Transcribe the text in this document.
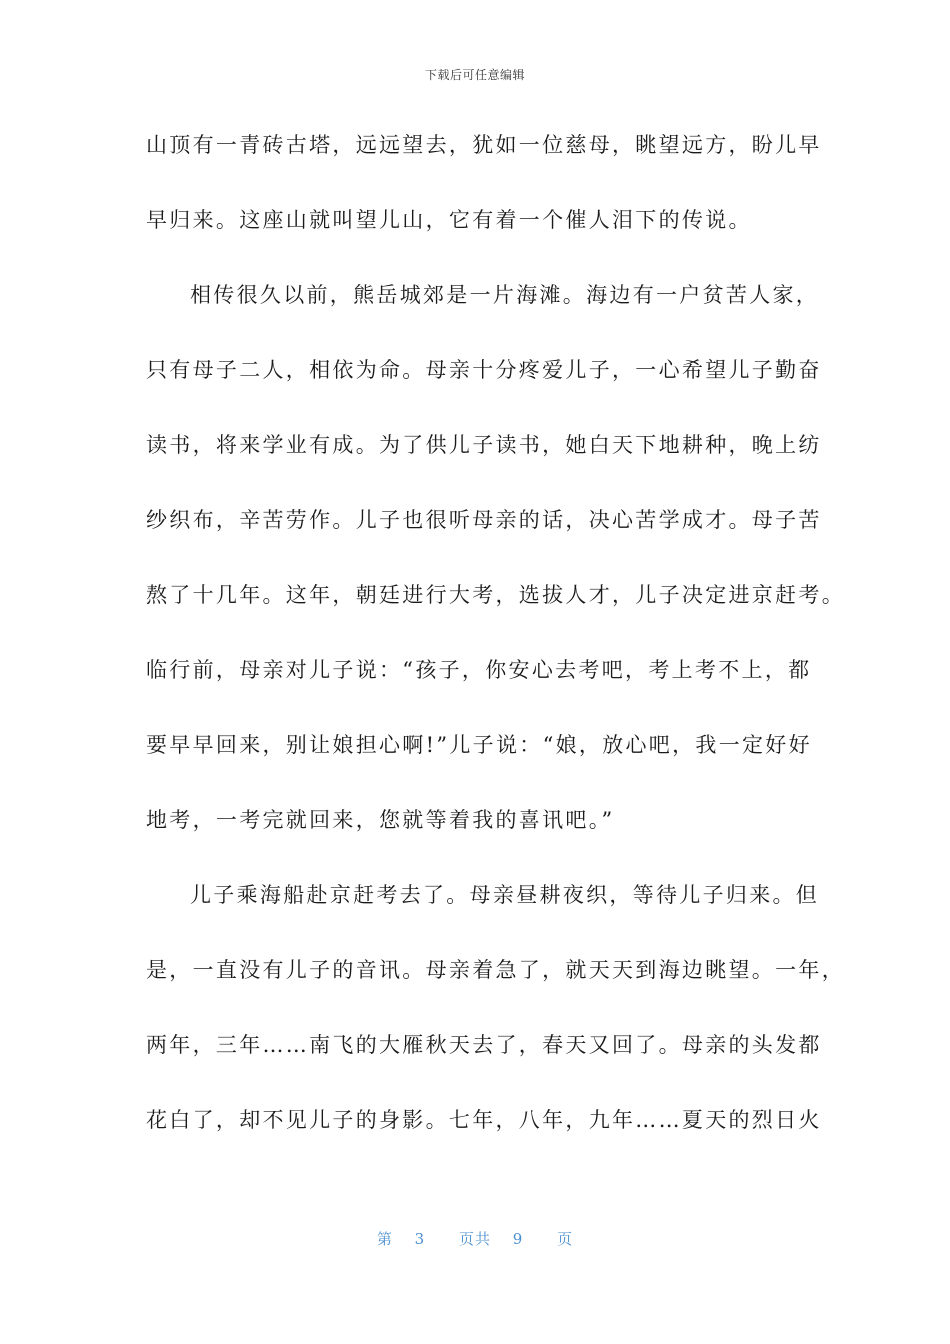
下载后可任意编辑
山顶有一青砖古塔，远远望去，犹如一位慈母，眺望远方，盼儿早
早归来。这座山就叫望儿山，它有着一个催人泪下的传说。
相传很久以前，熊岳城郊是一片海滩。海边有一户贫苦人家，
只有母子二人，相依为命。母亲十分疼爱儿子，一心希望儿子勤奋
读书，将来学业有成。为了供儿子读书，她白天下地耕种，晚上纺
纱织布，辛苦劳作。儿子也很听母亲的话，决心苦学成才。母子苦
熬了十几年。这年，朝廷进行大考，选拔人才，儿子决定进京赶考。
临行前，母亲对儿子说：“孩子，你安心去考吧，考上考不上，都
要早早回来，别让娘担心啊!”儿子说：“娘，放心吧，我一定好好
地考，一考完就回来，您就等着我的喜讯吧。”
儿子乘海船赴京赶考去了。母亲昼耕夜织，等待儿子归来。但
是，一直没有儿子的音讯。母亲着急了，就天天到海边眺望。一年，
两年，三年……南飞的大雁秋天去了，春天又回了。母亲的头发都
花白了，却不见儿子的身影。七年，八年，九年……夏天的烈日火
第 3 页共 9 页
